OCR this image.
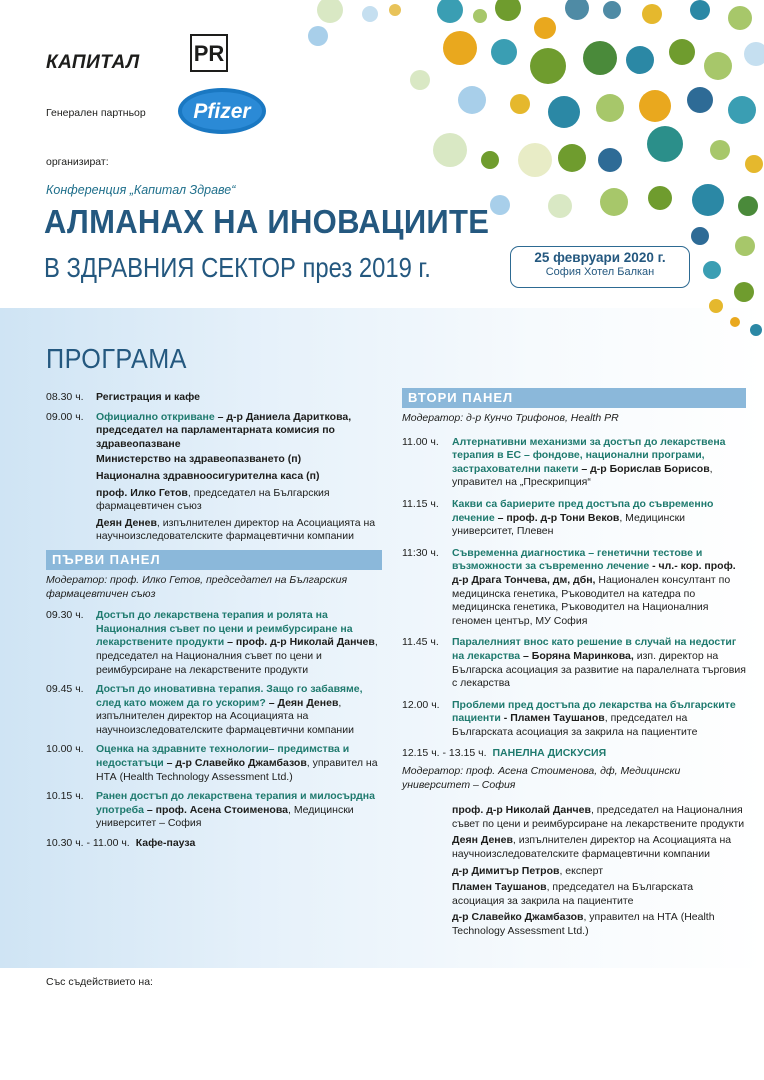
КАПИТАЛ PR
Генерален партньор Pfizer
организират:
Конференция „Капитал Здраве“
АЛМАНАХ НА ИНОВАЦИИТЕ
В ЗДРАВНИЯ СЕКТОР през 2019 г.	25 февруари 2020 г.
София Хотел Балкан
ПРОГРАМА
08.30 ч.	Регистрация и кафе
09.00 ч.	Официално откриване – д-р Даниела Дариткова,
председател на парламентарната комисия по здравеопазване
Министерство на здравеопазването (п)
Национална здравноосигурителна каса (п)
проф. Илко Гетов, председател на Българския фармацевтичен съюз
Деян Денев, изпълнителен директор на Асоциацията на научноизследователските фармацевтични компании
ПЪРВИ ПАНЕЛ
Модератор: проф. Илко Гетов, председател на Българския фармацевтичен съюз
09.30 ч.	Достъп до лекарствена терапия и ролята на Националния съвет по цени и реимбурсиране на лекарствените продукти – проф. д-р Николай Данчев, председател на Националния съвет по цени и реимбурсиране на лекарствените продукти
09.45 ч.	Достъп до иновативна терапия. Защо го забавяме, след като можем да го ускорим? – Деян Денев, изпълнителен директор на Асоциацията на научноизследователските фармацевтични компании
10.00 ч.	Оценка на здравните технологии– предимства и недостатъци – д-р Славейко Джамбазов, управител на НТА (Health Technology Assessment Ltd.)
10.15 ч.	Ранен достъп до лекарствена терапия и милосърдна употреба – проф. Асена Стоименова, Медицински университет – София
10.30 ч. - 11.00 ч. Кафе-пауза
ВТОРИ ПАНЕЛ
Модератор: д-р Кунчо Трифонов, Health PR
11.00 ч.	Алтернативни механизми за достъп до лекарствена терапия в ЕС – фондове, национални програми, застрахователни пакети – д-р Борислав Борисов, управител на „Прескрипция“
11.15 ч.	Какви са бариерите пред достъпа до съвременно лечение – проф. д-р Тони Веков, Медицински университет, Плевен
11:30 ч.	Съвременна диагностика – генетични тестове и възможности за съвременно лечение - чл.- кор. проф. д-р Драга Тончева, дм, дбн, Национален консултант по медицинска генетика, Ръководител на катедра по медицинска генетика, Ръководител на Националния геномен център, МУ София
11.45 ч.	Паралелният внос като решение в случай на недостиг на лекарства – Боряна Маринкова, изп. директор на Българска асоциация за развитие на паралелната търговия с лекарства
12.00 ч.	Проблеми пред достъпа до лекарства на българските пациенти - Пламен Таушанов, председател на Българската асоциация за закрила на пациентите
12.15 ч. - 13.15 ч. ПАНЕЛНА ДИСКУСИЯ
Модератор: проф. Асена Стоименова, дф, Медицински университет – София
проф. д-р Николай Данчев, председател на Националния съвет по цени и реимбурсиране на лекарствените продукти
Деян Денев, изпълнителен директор на Асоциацията на научноизследователските фармацевтични компании
д-р Димитър Петров, експерт
Пламен Таушанов, председател на Българската асоциация за закрила на пациентите
д-р Славейко Джамбазов, управител на НТА (Health Technology Assessment Ltd.)
Със съдействието на:
